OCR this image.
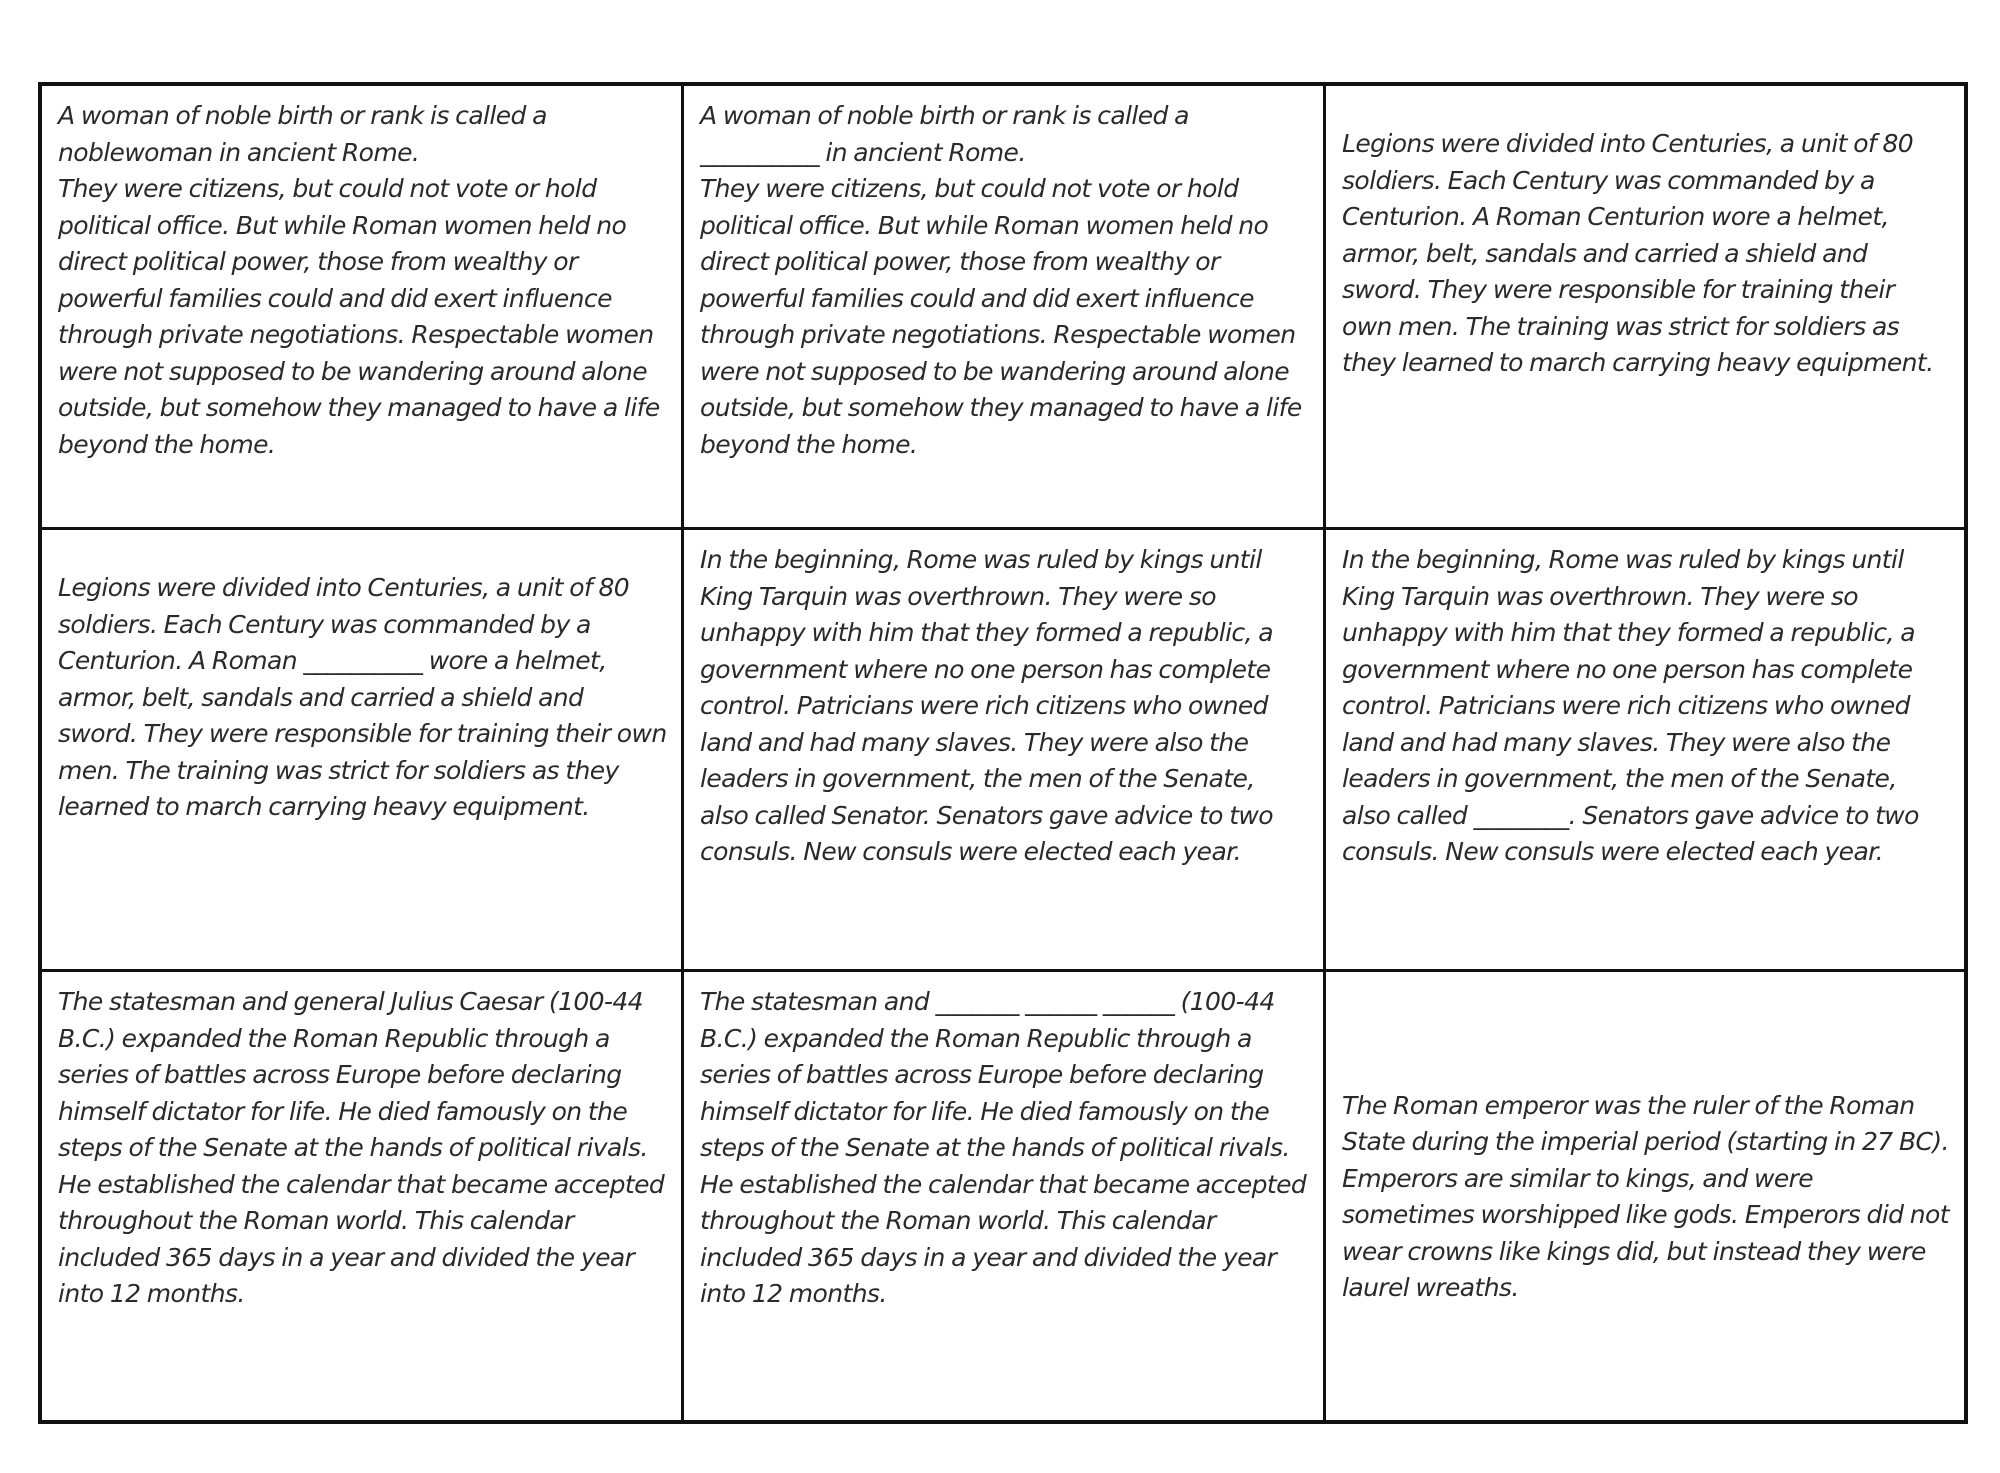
A woman of noble birth or rank is called a noblewoman in ancient Rome.
They were citizens, but could not vote or hold political office. But while Roman women held no direct political power, those from wealthy or powerful families could and did exert influence through private negotiations. Respectable women were not supposed to be wandering around alone outside, but somehow they managed to have a life beyond the home.

A woman of noble birth or rank is called a __________ in ancient Rome.
They were citizens, but could not vote or hold political office. But while Roman women held no direct political power, those from wealthy or powerful families could and did exert influence through private negotiations. Respectable women were not supposed to be wandering around alone outside, but somehow they managed to have a life beyond the home.

Legions were divided into Centuries, a unit of 80 soldiers. Each Century was commanded by a Centurion. A Roman Centurion wore a helmet, armor, belt, sandals and carried a shield and sword. They were responsible for training their own men. The training was strict for soldiers as they learned to march carrying heavy equipment.

Legions were divided into Centuries, a unit of 80 soldiers. Each Century was commanded by a Centurion. A Roman __________ wore a helmet, armor, belt, sandals and carried a shield and sword. They were responsible for training their own men. The training was strict for soldiers as they learned to march carrying heavy equipment.

In the beginning, Rome was ruled by kings until King Tarquin was overthrown. They were so unhappy with him that they formed a republic, a government where no one person has complete control. Patricians were rich citizens who owned land and had many slaves. They were also the leaders in government, the men of the Senate, also called Senator. Senators gave advice to two consuls. New consuls were elected each year.

In the beginning, Rome was ruled by kings until King Tarquin was overthrown. They were so unhappy with him that they formed a republic, a government where no one person has complete control. Patricians were rich citizens who owned land and had many slaves. They were also the leaders in government, the men of the Senate, also called ________. Senators gave advice to two consuls. New consuls were elected each year.

The statesman and general Julius Caesar (100-44 B.C.) expanded the Roman Republic through a series of battles across Europe before declaring himself dictator for life. He died famously on the steps of the Senate at the hands of political rivals. He established the calendar that became accepted throughout the Roman world. This calendar included 365 days in a year and divided the year into 12 months.

The statesman and _______ ______ ______ (100-44 B.C.) expanded the Roman Republic through a series of battles across Europe before declaring himself dictator for life. He died famously on the steps of the Senate at the hands of political rivals. He established the calendar that became accepted throughout the Roman world. This calendar included 365 days in a year and divided the year into 12 months.

The Roman emperor was the ruler of the Roman State during the imperial period (starting in 27 BC). Emperors are similar to kings, and were sometimes worshipped like gods. Emperors did not wear crowns like kings did, but instead they were laurel wreaths.
